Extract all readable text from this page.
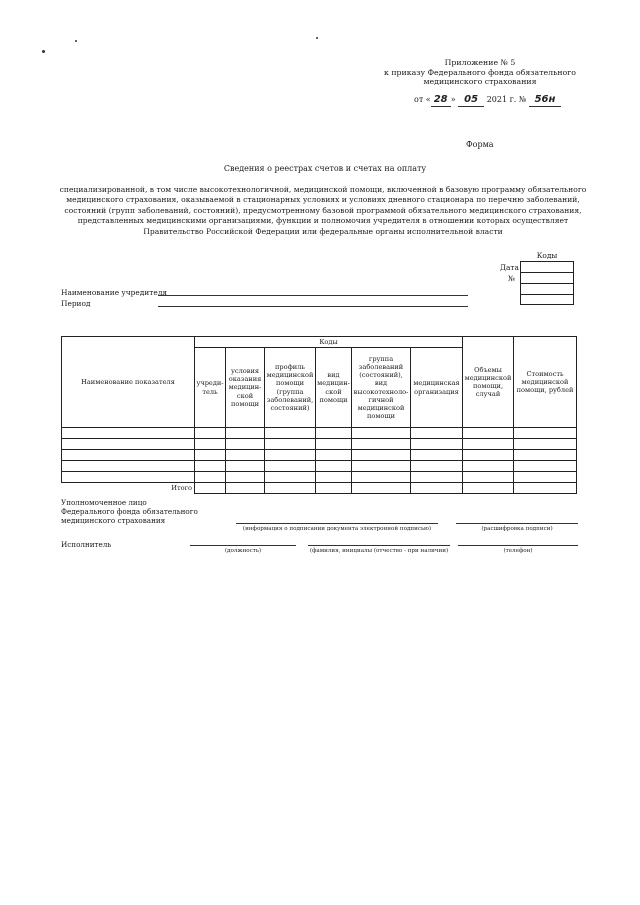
Приложение № 5
к приказу Федерального фонда обязательного
медицинского страхования
от « 28 » 05 2021 г. № 56н
Форма
Сведения о реестрах счетов и счетах на оплату
специализированной, в том числе высокотехнологичной, медицинской помощи, включенной в базовую программу обязательного медицинского страхования, оказываемой в стационарных условиях и условиях дневного стационара по перечню заболеваний, состояний (групп заболеваний, состояний), предусмотренному базовой программой обязательного медицинского страхования, представленных медицинскими организациями, функции и полномочия учредителя в отношении которых осуществляет Правительство Российской Федерации или федеральные органы исполнительной власти
Коды
Дата
№
Наименование учредителя
Период
Наименование показателя	Коды						Объемы медицинской помощи, случай	Стоимость медицинской помощи, рублей
	учреди-тель	условия оказания медицин-ской помощи	профиль медицинской помощи (группа заболеваний, состояний)	вид медицин-ской помощи	группа заболеваний (состояний), вид высокотехноло-гичной медицинской помощи	медицинская организация		

Итого								
Уполномоченное лицо Федерального фонда обязательного медицинского страхования
(информация о подписании документа электронной подписью)	(расшифровка подписи)
Исполнитель
(должность)	(фамилия, инициалы (отчество - при наличии)	(телефон)
